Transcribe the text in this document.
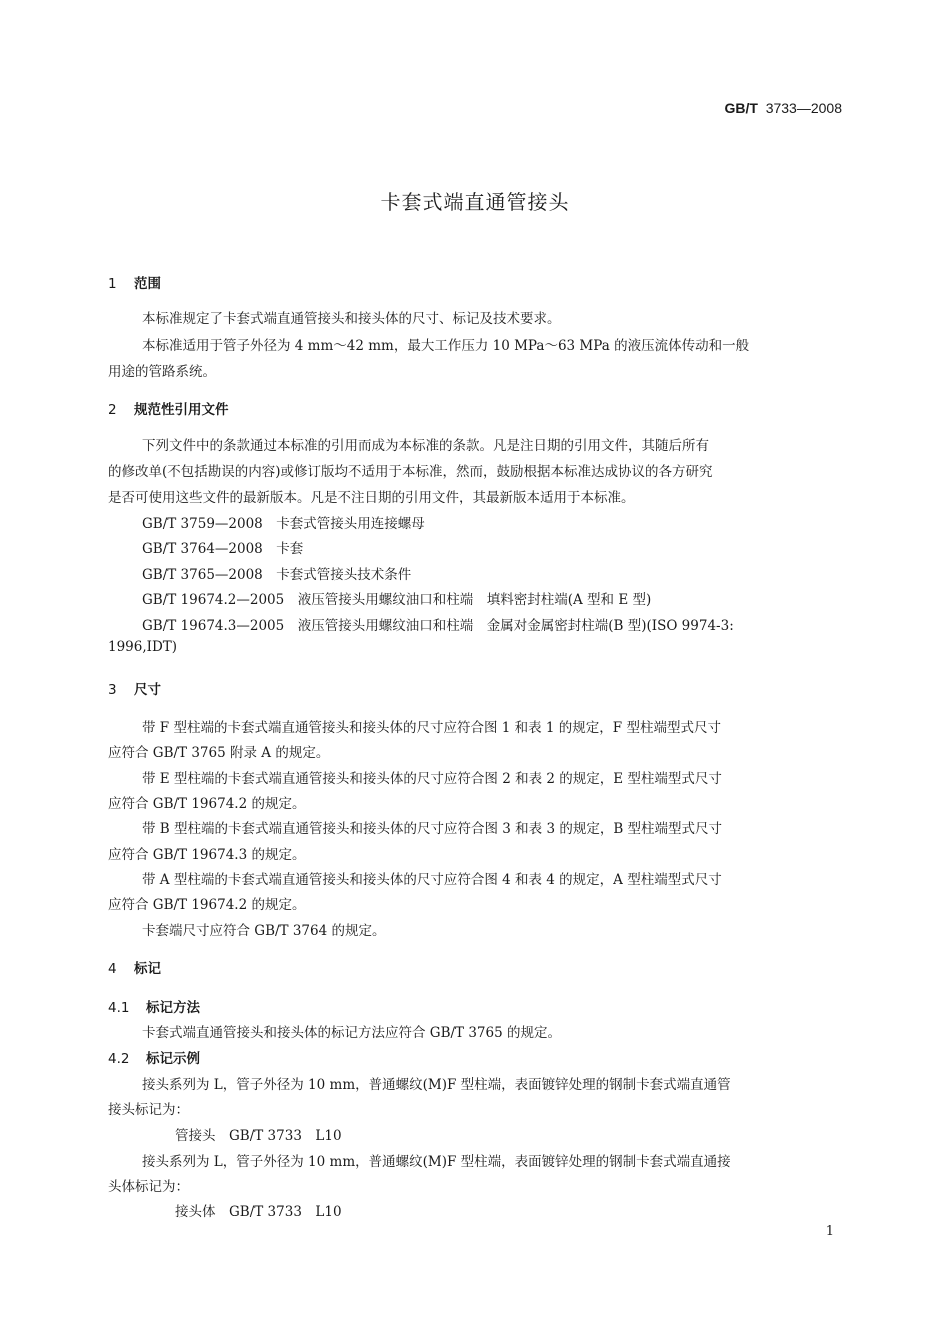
GB/T 3733—2008
卡套式端直通管接头
1 范围
本标准规定了卡套式端直通管接头和接头体的尺寸、标记及技术要求。
本标准适用于管子外径为 4 mm～42 mm，最大工作压力 10 MPa～63 MPa 的液压流体传动和一般
用途的管路系统。
2 规范性引用文件
下列文件中的条款通过本标准的引用而成为本标准的条款。凡是注日期的引用文件，其随后所有
的修改单(不包括勘误的内容)或修订版均不适用于本标准，然而，鼓励根据本标准达成协议的各方研究
是否可使用这些文件的最新版本。凡是不注日期的引用文件，其最新版本适用于本标准。
GB/T 3759—2008　卡套式管接头用连接螺母
GB/T 3764—2008　卡套
GB/T 3765—2008　卡套式管接头技术条件
GB/T 19674.2—2005　液压管接头用螺纹油口和柱端　填料密封柱端(A 型和 E 型)
GB/T 19674.3—2005　液压管接头用螺纹油口和柱端　金属对金属密封柱端(B 型)(ISO 9974-3:
1996,IDT)
3 尺寸
带 F 型柱端的卡套式端直通管接头和接头体的尺寸应符合图 1 和表 1 的规定，F 型柱端型式尺寸
应符合 GB/T 3765 附录 A 的规定。
带 E 型柱端的卡套式端直通管接头和接头体的尺寸应符合图 2 和表 2 的规定，E 型柱端型式尺寸
应符合 GB/T 19674.2 的规定。
带 B 型柱端的卡套式端直通管接头和接头体的尺寸应符合图 3 和表 3 的规定，B 型柱端型式尺寸
应符合 GB/T 19674.3 的规定。
带 A 型柱端的卡套式端直通管接头和接头体的尺寸应符合图 4 和表 4 的规定，A 型柱端型式尺寸
应符合 GB/T 19674.2 的规定。
卡套端尺寸应符合 GB/T 3764 的规定。
4 标记
4.1 标记方法
卡套式端直通管接头和接头体的标记方法应符合 GB/T 3765 的规定。
4.2 标记示例
接头系列为 L，管子外径为 10 mm，普通螺纹(M)F 型柱端，表面镀锌处理的钢制卡套式端直通管
接头标记为：
管接头　GB/T 3733　L10
接头系列为 L，管子外径为 10 mm，普通螺纹(M)F 型柱端，表面镀锌处理的钢制卡套式端直通接
头体标记为：
接头体　GB/T 3733　L10
1
